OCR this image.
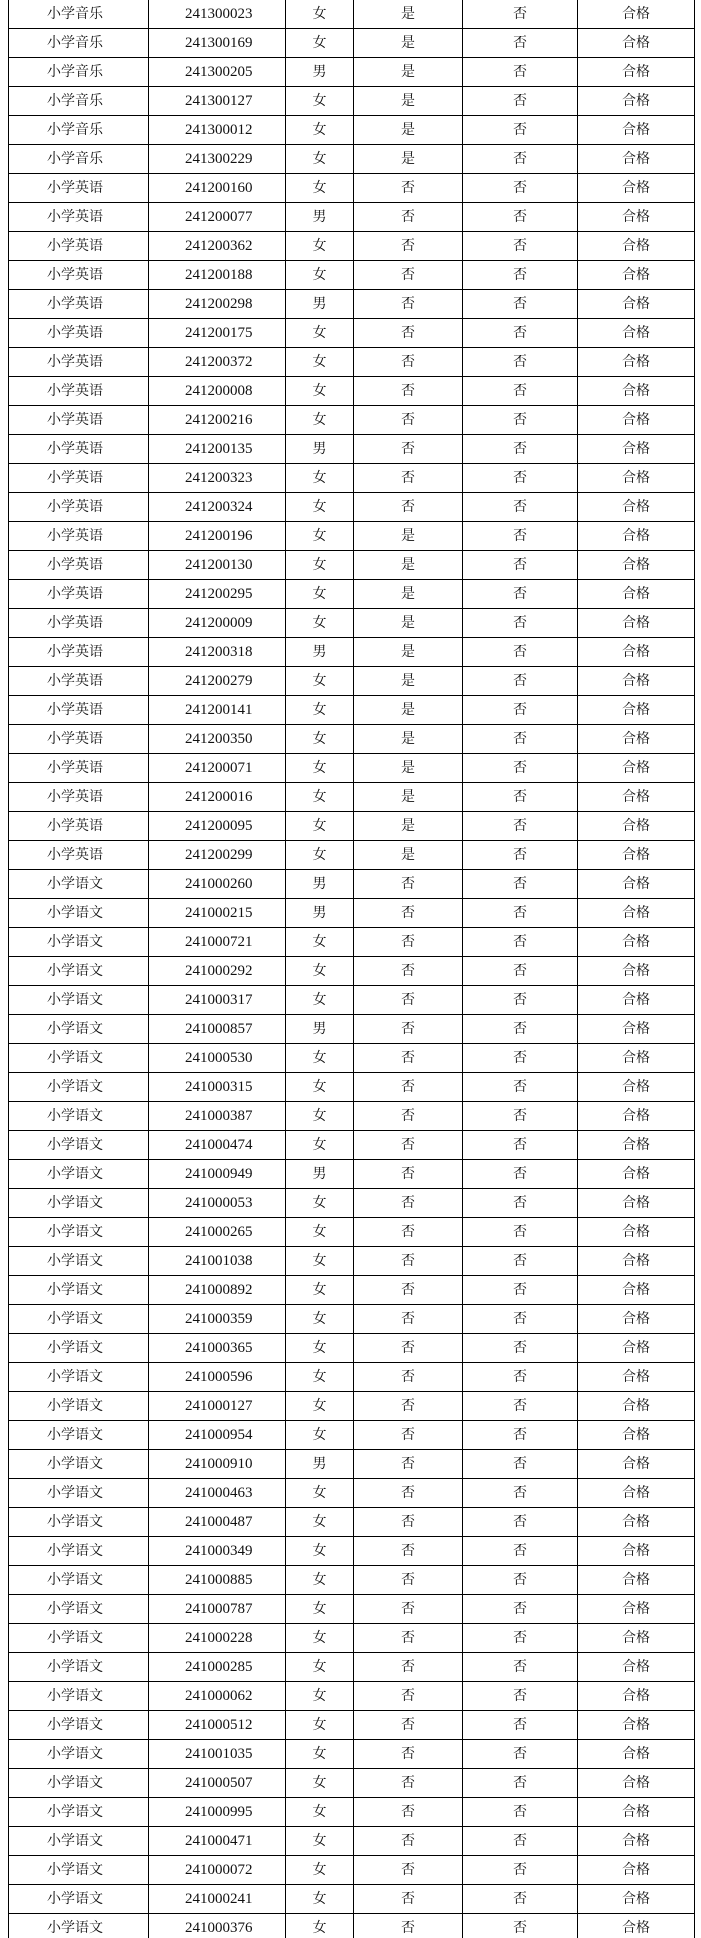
小学音乐	241300023	女	是	否	合格
小学音乐	241300169	女	是	否	合格
小学音乐	241300205	男	是	否	合格
小学音乐	241300127	女	是	否	合格
小学音乐	241300012	女	是	否	合格
小学音乐	241300229	女	是	否	合格
小学英语	241200160	女	否	否	合格
小学英语	241200077	男	否	否	合格
小学英语	241200362	女	否	否	合格
小学英语	241200188	女	否	否	合格
小学英语	241200298	男	否	否	合格
小学英语	241200175	女	否	否	合格
小学英语	241200372	女	否	否	合格
小学英语	241200008	女	否	否	合格
小学英语	241200216	女	否	否	合格
小学英语	241200135	男	否	否	合格
小学英语	241200323	女	否	否	合格
小学英语	241200324	女	否	否	合格
小学英语	241200196	女	是	否	合格
小学英语	241200130	女	是	否	合格
小学英语	241200295	女	是	否	合格
小学英语	241200009	女	是	否	合格
小学英语	241200318	男	是	否	合格
小学英语	241200279	女	是	否	合格
小学英语	241200141	女	是	否	合格
小学英语	241200350	女	是	否	合格
小学英语	241200071	女	是	否	合格
小学英语	241200016	女	是	否	合格
小学英语	241200095	女	是	否	合格
小学英语	241200299	女	是	否	合格
小学语文	241000260	男	否	否	合格
小学语文	241000215	男	否	否	合格
小学语文	241000721	女	否	否	合格
小学语文	241000292	女	否	否	合格
小学语文	241000317	女	否	否	合格
小学语文	241000857	男	否	否	合格
小学语文	241000530	女	否	否	合格
小学语文	241000315	女	否	否	合格
小学语文	241000387	女	否	否	合格
小学语文	241000474	女	否	否	合格
小学语文	241000949	男	否	否	合格
小学语文	241000053	女	否	否	合格
小学语文	241000265	女	否	否	合格
小学语文	241001038	女	否	否	合格
小学语文	241000892	女	否	否	合格
小学语文	241000359	女	否	否	合格
小学语文	241000365	女	否	否	合格
小学语文	241000596	女	否	否	合格
小学语文	241000127	女	否	否	合格
小学语文	241000954	女	否	否	合格
小学语文	241000910	男	否	否	合格
小学语文	241000463	女	否	否	合格
小学语文	241000487	女	否	否	合格
小学语文	241000349	女	否	否	合格
小学语文	241000885	女	否	否	合格
小学语文	241000787	女	否	否	合格
小学语文	241000228	女	否	否	合格
小学语文	241000285	女	否	否	合格
小学语文	241000062	女	否	否	合格
小学语文	241000512	女	否	否	合格
小学语文	241001035	女	否	否	合格
小学语文	241000507	女	否	否	合格
小学语文	241000995	女	否	否	合格
小学语文	241000471	女	否	否	合格
小学语文	241000072	女	否	否	合格
小学语文	241000241	女	否	否	合格
小学语文	241000376	女	否	否	合格
